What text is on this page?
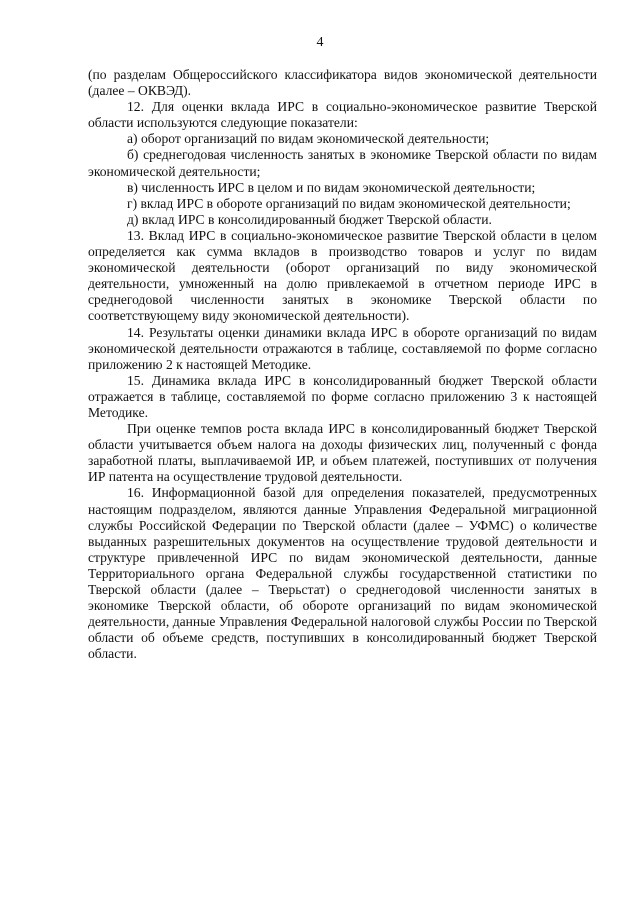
4

(по разделам Общероссийского классификатора видов экономической деятельности (далее – ОКВЭД).

12. Для оценки вклада ИРС в социально-экономическое развитие Тверской области используются следующие показатели:

а) оборот организаций по видам экономической деятельности;

б) среднегодовая численность занятых в экономике Тверской области по видам экономической деятельности;

в) численность ИРС в целом и по видам экономической деятельности;

г) вклад ИРС в обороте организаций по видам экономической деятельности;

д) вклад ИРС в консолидированный бюджет Тверской области.

13. Вклад ИРС в социально-экономическое развитие Тверской области в целом определяется как сумма вкладов в производство товаров и услуг по видам экономической деятельности (оборот организаций по виду экономической деятельности, умноженный на долю привлекаемой в отчетном периоде ИРС в среднегодовой численности занятых в экономике Тверской области по соответствующему виду экономической деятельности).

14. Результаты оценки динамики вклада ИРС в обороте организаций по видам экономической деятельности отражаются в таблице, составляемой по форме согласно приложению 2 к настоящей Методике.

15. Динамика вклада ИРС в консолидированный бюджет Тверской области отражается в таблице, составляемой по форме согласно приложению 3 к настоящей Методике.

При оценке темпов роста вклада ИРС в консолидированный бюджет Тверской области учитывается объем налога на доходы физических лиц, полученный с фонда заработной платы, выплачиваемой ИР, и объем платежей, поступивших от получения ИР патента на осуществление трудовой деятельности.

16. Информационной базой для определения показателей, предусмотренных настоящим подразделом, являются данные Управления Федеральной миграционной службы Российской Федерации по Тверской области (далее – УФМС) о количестве выданных разрешительных документов на осуществление трудовой деятельности и структуре привлеченной ИРС по видам экономической деятельности, данные Территориального органа Федеральной службы государственной статистики по Тверской области (далее – Тверьстат) о среднегодовой численности занятых в экономике Тверской области, об обороте организаций по видам экономической деятельности, данные Управления Федеральной налоговой службы России по Тверской области об объеме средств, поступивших в консолидированный бюджет Тверской области.
